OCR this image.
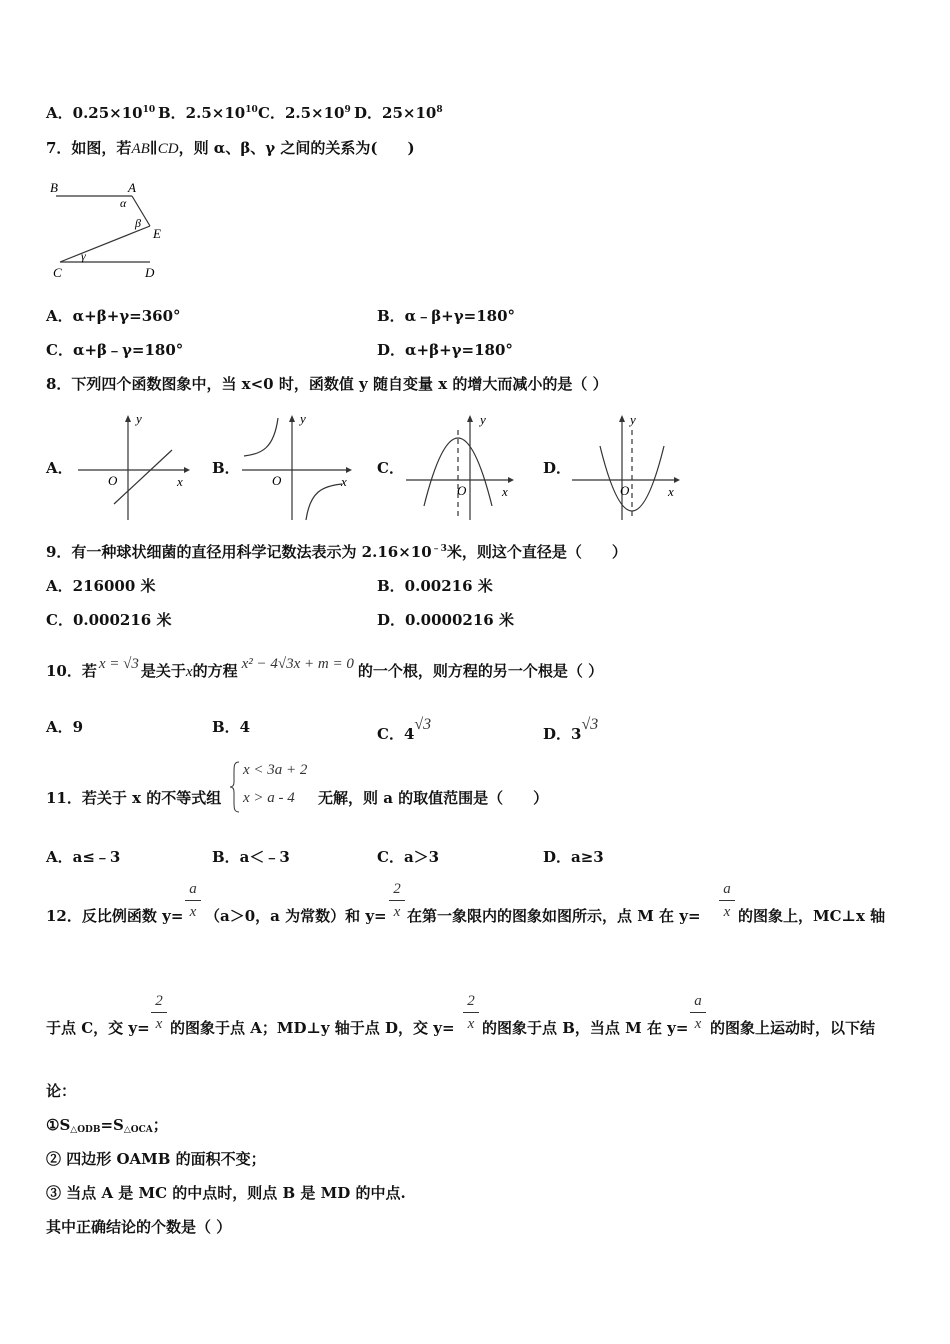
A．$0.25\times 10^{10}$ B．$2.5\times 10^{10}$ C．$2.5\times 10^9$ D．$25\times 10^8$
7．如图，若AB∥CD，则 α、β、γ 之间的关系为(　　)
B	A
E
C	D
α
β
γ
A．α+β+γ=360°	B．α﹣β+γ=180°
C．α+β﹣γ=180°	D．α+β+γ=180°
8．下列四个函数图象中，当 x<0 时，函数值 y 随自变量 x 的增大而减小的是（ ）
A．
y
x
O
B．
y
x
O
C．
y
x
O
D．
y
x
O
9．有一种球状细菌的直径用科学记数法表示为 $2.16\times 10^{﹣3}$米，则这个直径是（　　）
A．216000 米	B．0.00216 米
C．0.000216 米	D．0.0000216 米
10．若 x = √3 是关于x的方程 x² − 4√3x + m = 0 的一个根，则方程的另一个根是（ ）
A．9	B．4	C．4√3
D．3√3
11．若关于 x 的不等式组
x < 3a + 2
x > a - 4 无解，则 a 的取值范围是（　　）
A．a≤﹣3	B．a＜﹣3	C．a＞3	D．a≥3
12．反比例函数 y=
a
x （a＞0，a 为常数）和 y=
2
x 在第一象限内的图象如图所示，点 M 在 y=
a
x 的图象上，MC⊥x 轴
于点 C，交 y=
2
x 的图象于点 A；MD⊥y 轴于点 D，交 y=
2
x 的图象于点 B，当点 M 在 y=
a
x 的图象上运动时，以下结
论：
$①S_{\triangle ODB}=S_{\triangle OCA}$；
② 四边形 OAMB 的面积不变；
③ 当点 A 是 MC 的中点时，则点 B 是 MD 的中点.
其中正确结论的个数是（ ）
